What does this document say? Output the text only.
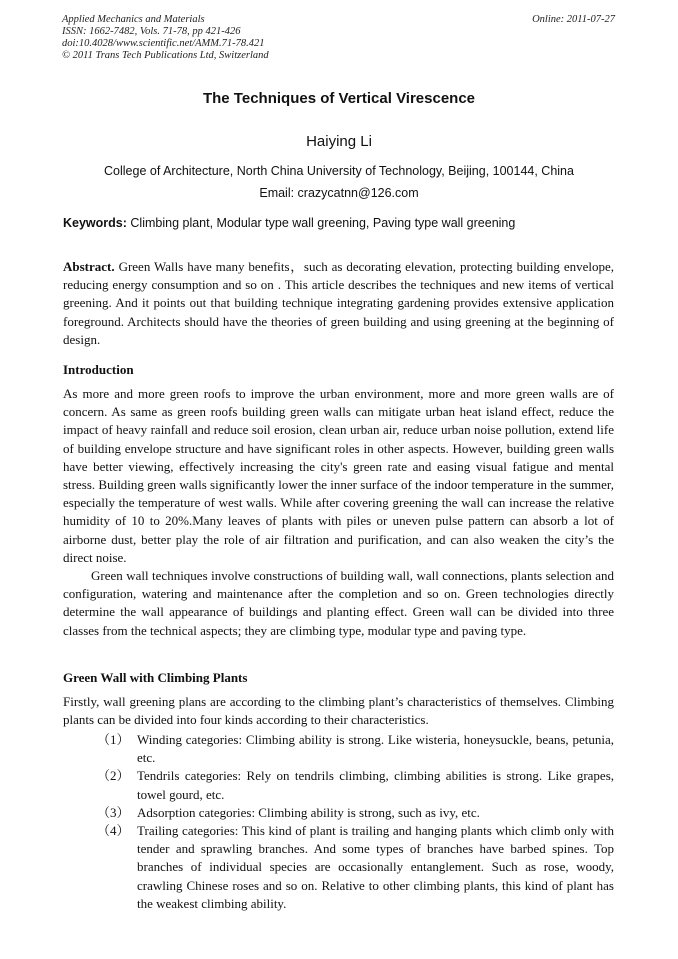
Applied Mechanics and Materials
ISSN: 1662-7482, Vols. 71-78, pp 421-426
doi:10.4028/www.scientific.net/AMM.71-78.421
© 2011 Trans Tech Publications Ltd, Switzerland
Online: 2011-07-27
The Techniques of Vertical Virescence
Haiying Li
College of Architecture, North China University of Technology, Beijing, 100144, China
Email: crazycatnn@126.com
Keywords: Climbing plant, Modular type wall greening, Paving type wall greening

Abstract. Green Walls have many benefits，such as decorating elevation, protecting building envelope, reducing energy consumption and so on . This article describes the techniques and new items of vertical greening. And it points out that building technique integrating gardening provides extensive application foreground. Architects should have the theories of green building and using greening at the beginning of design.

Introduction

As more and more green roofs to improve the urban environment, more and more green walls are of concern. As same as green roofs building green walls can mitigate urban heat island effect, reduce the impact of heavy rainfall and reduce soil erosion, clean urban air, reduce urban noise pollution, extend life of building envelope structure and have significant roles in other aspects. However, building green walls have better viewing, effectively increasing the city's green rate and easing visual fatigue and mental stress. Building green walls significantly lower the inner surface of the indoor temperature in the summer, especially the temperature of west walls. While after covering greening the wall can increase the relative humidity of 10 to 20%.Many leaves of plants with piles or uneven pulse pattern can absorb a lot of airborne dust, better play the role of air filtration and purification, and can also weaken the city’s the direct noise.

Green wall techniques involve constructions of building wall, wall connections, plants selection and configuration, watering and maintenance after the completion and so on. Green technologies directly determine the wall appearance of buildings and planting effect. Green wall can be divided into three classes from the technical aspects; they are climbing type, modular type and paving type.

Green Wall with Climbing Plants
Firstly, wall greening plans are according to the climbing plant’s characteristics of themselves. Climbing plants can be divided into four kinds according to their characteristics.
（1） Winding categories: Climbing ability is strong. Like wisteria, honeysuckle, beans, petunia, etc.
（2） Tendrils categories: Rely on tendrils climbing, climbing abilities is strong. Like grapes, towel gourd, etc.
（3） Adsorption categories: Climbing ability is strong, such as ivy, etc.
（4） Trailing categories: This kind of plant is trailing and hanging plants which climb only with tender and sprawling branches. And some types of branches have barbed spines. Top branches of individual species are occasionally entanglement. Such as rose, woody, crawling Chinese roses and so on. Relative to other climbing plants, this kind of plant has the weakest climbing ability.
